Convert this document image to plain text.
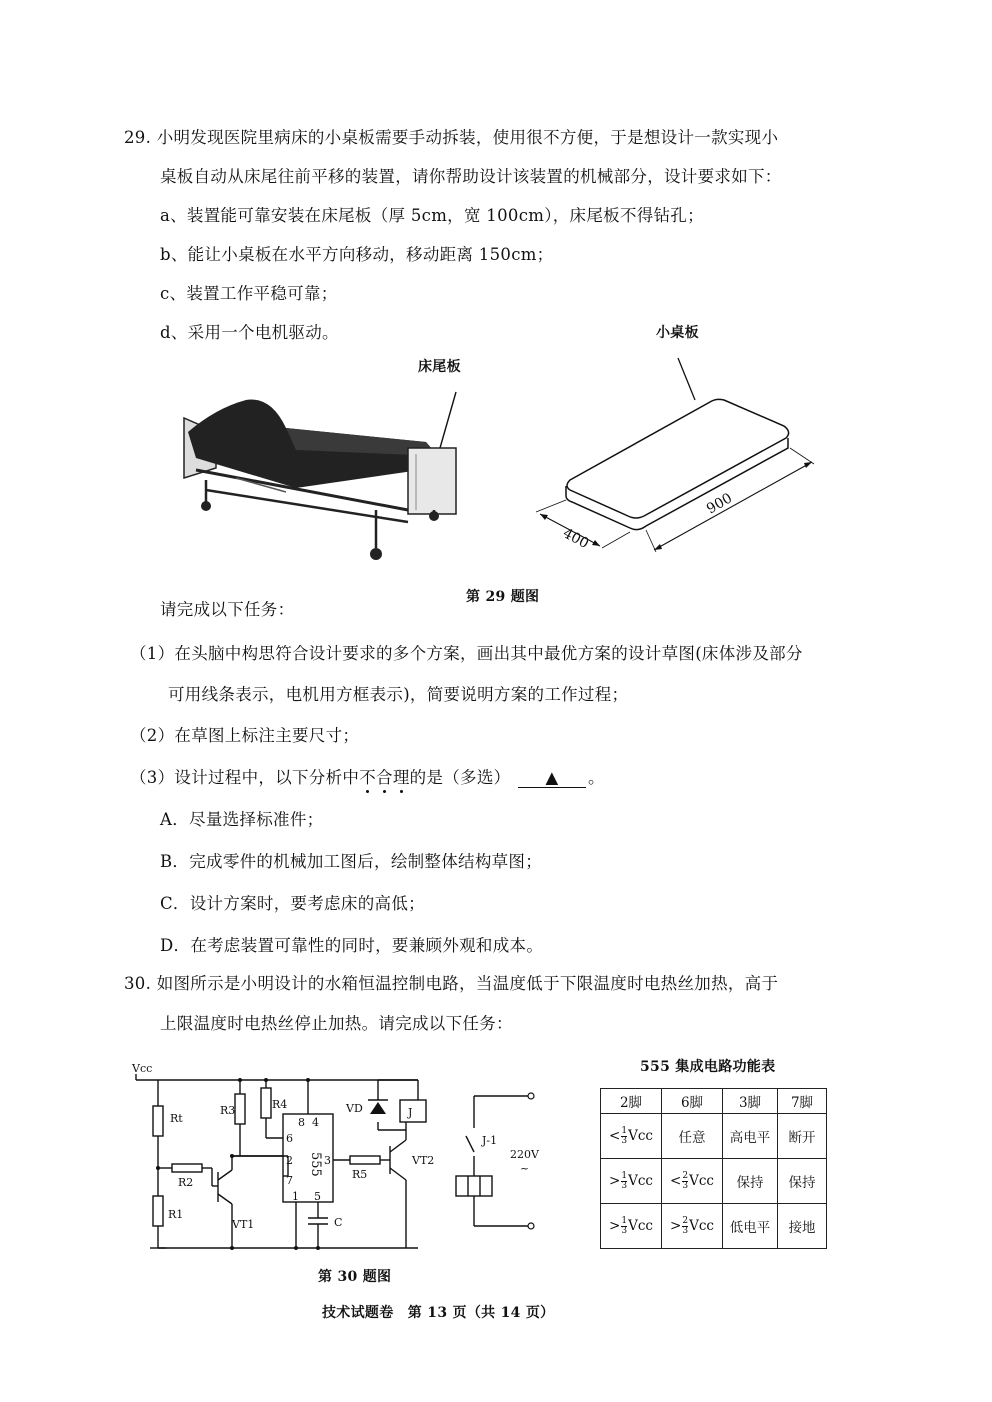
29. 小明发现医院里病床的小桌板需要手动拆装，使用很不方便，于是想设计一款实现小
桌板自动从床尾往前平移的装置，请你帮助设计该装置的机械部分，设计要求如下：
a、装置能可靠安装在床尾板（厚 5cm，宽 100cm），床尾板不得钻孔；
b、能让小桌板在水平方向移动，移动距离 150cm；
c、装置工作平稳可靠；
d、采用一个电机驱动。
床尾板
小桌板
400
900
第 29 题图
请完成以下任务：
（1）在头脑中构思符合设计要求的多个方案，画出其中最优方案的设计草图(床体涉及部分
可用线条表示，电机用方框表示)，简要说明方案的工作过程；
（2）在草图上标注主要尺寸；
（3）设计过程中，以下分析中不合理的是（多选） ▲ 。
A．尽量选择标准件；
B．完成零件的机械加工图后，绘制整体结构草图；
C．设计方案时，要考虑床的高低；
D．在考虑装置可靠性的同时，要兼顾外观和成本。
30. 如图所示是小明设计的水箱恒温控制电路，当温度低于下限温度时电热丝加热，高于
上限温度时电热丝停止加热。请完成以下任务：
Vcc
Rt
R1
R2
R3	R4
R5
VT1
VT2
VD	J
J-1
C
220V
~
555
6
2
7
8 4
3
1 5
第 30 题图
555 集成电路功能表
2脚	6脚	3脚	7脚
< $\frac{1}{3}$ Vcc	任意	高电平	断开
> $\frac{1}{3}$ Vcc	< $\frac{2}{3}$ Vcc	保持	保持
> $\frac{1}{3}$ Vcc	> $\frac{2}{3}$ Vcc	低电平	接地
技术试题卷　第 13 页（共 14 页）
